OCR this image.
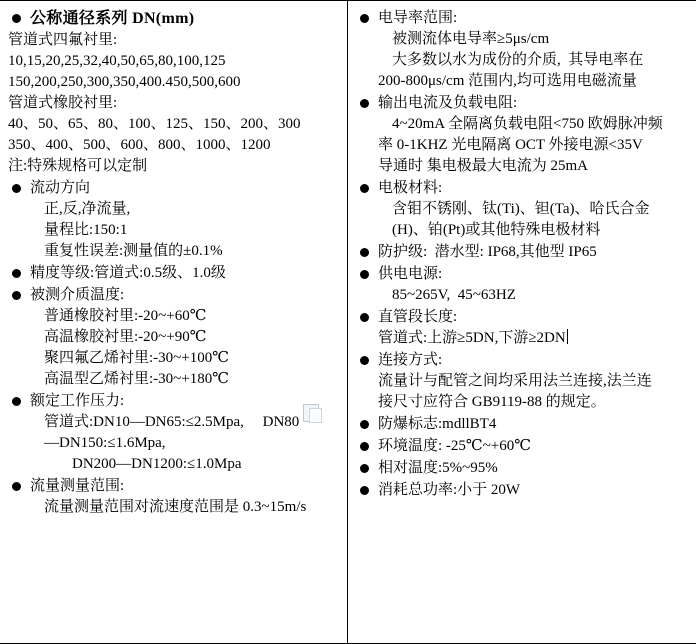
公称通径系列 DN(mm)
管道式四氟衬里:
10,15,20,25,32,40,50,65,80,100,125
150,200,250,300,350,400.450,500,600
管道式橡胶衬里:
40、50、65、80、100、125、150、200、300
350、400、500、600、800、1000、1200
注:特殊规格可以定制
流动方向
正,反,净流量,
量程比:150:1
重复性误差:测量值的±0.1%
精度等级:管道式:0.5级、1.0级
被测介质温度:
普通橡胶衬里:-20~+60℃
高温橡胶衬里:-20~+90℃
聚四氟乙烯衬里:-30~+100℃
高温型乙烯衬里:-30~+180℃
额定工作压力:
管道式:DN10—DN65:≤2.5Mpa,     DN80
—DN150:≤1.6Mpa,
DN200—DN1200:≤1.0Mpa
流量测量范围:
流量测量范围对流速度范围是 0.3~15m/s
电导率范围:
被测流体电导率≥5μs/cm
大多数以水为成份的介质,  其导电率在
200-800μs/cm 范围内,均可选用电磁流量
输出电流及负载电阻:
4~20mA 全隔离负载电阻<750 欧姆脉冲频
率 0-1KHZ 光电隔离 OCT 外接电源<35V
导通时 集电极最大电流为 25mA
电极材料:
含钼不锈刚、钛(Ti)、钽(Ta)、哈氏合金
(H)、铂(Pt)或其他特殊电极材料
防护级:  潜水型: IP68,其他型 IP65
供电电源:
85~265V,  45~63HZ
直管段长度:
管道式:上游≥5DN,下游≥2DN
连接方式:
流量计与配管之间均采用法兰连接,法兰连
接尺寸应符合 GB9119-88 的规定。
防爆标志:mdllBT4
环境温度: -25℃~+60℃
相对温度:5%~95%
消耗总功率:小于 20W
